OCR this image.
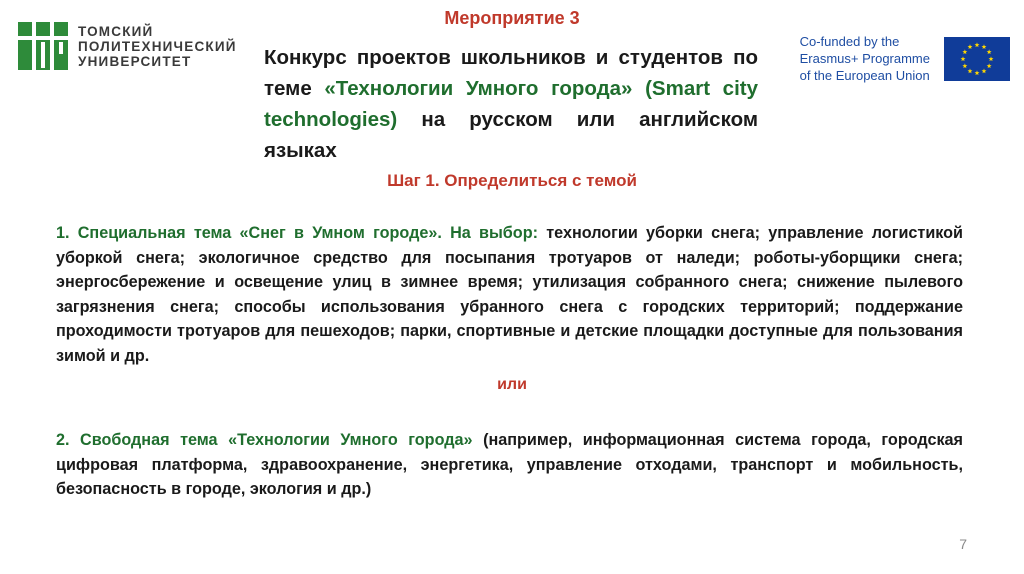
ТОМСКИЙ
ПОЛИТЕХНИЧЕСКИЙ
УНИВЕРСИТЕТ
Co-funded by the
Erasmus+ Programme
of the European Union
Мероприятие 3
Конкурс проектов школьников и студентов по теме «Технологии Умного города» (Smart city technologies) на русском или английском языках
Шаг 1. Определиться с темой
1. Специальная тема «Снег в Умном городе». На выбор: технологии уборки снега; управление логистикой уборкой снега; экологичное средство для посыпания тротуаров от наледи; роботы-уборщики снега; энергосбережение и освещение улиц в зимнее время; утилизация собранного снега; снижение пылевого загрязнения снега; способы использования убранного снега с городских территорий; поддержание проходимости тротуаров для пешеходов; парки, спортивные и детские площадки доступные для пользования зимой и др.
или
2. Свободная тема «Технологии Умного города» (например, информационная система города, городская цифровая платформа, здравоохранение, энергетика, управление отходами, транспорт и мобильность, безопасность в городе, экология и др.)
7
